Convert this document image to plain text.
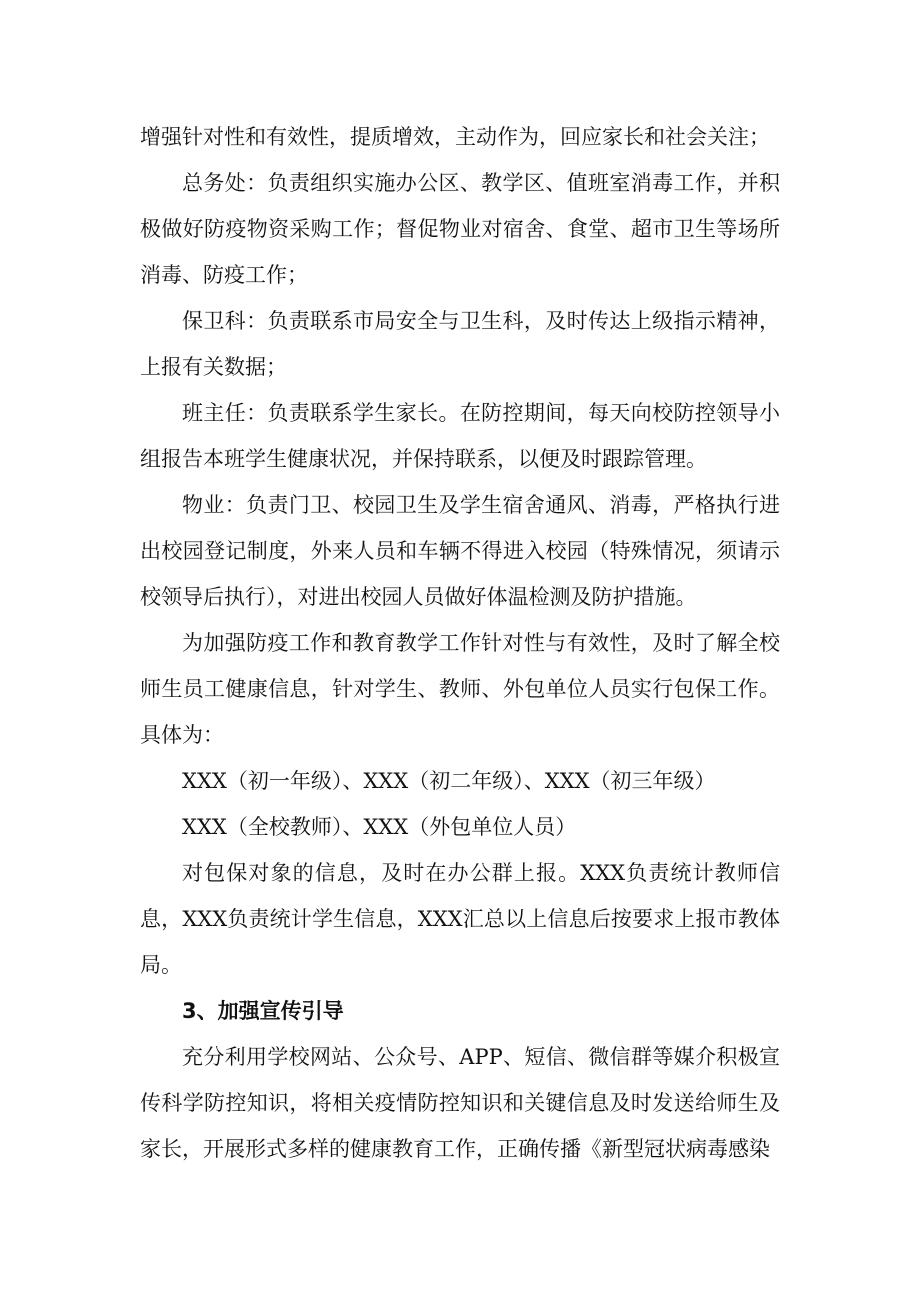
增强针对性和有效性，提质增效，主动作为，回应家长和社会关注；

总务处：负责组织实施办公区、教学区、值班室消毒工作，并积极做好防疫物资采购工作；督促物业对宿舍、食堂、超市卫生等场所消毒、防疫工作；

保卫科：负责联系市局安全与卫生科，及时传达上级指示精神，上报有关数据；

班主任：负责联系学生家长。在防控期间，每天向校防控领导小组报告本班学生健康状况，并保持联系，以便及时跟踪管理。

物业：负责门卫、校园卫生及学生宿舍通风、消毒，严格执行进出校园登记制度，外来人员和车辆不得进入校园（特殊情况，须请示校领导后执行），对进出校园人员做好体温检测及防护措施。

为加强防疫工作和教育教学工作针对性与有效性，及时了解全校师生员工健康信息，针对学生、教师、外包单位人员实行包保工作。具体为：

XXX（初一年级）、XXX（初二年级）、XXX（初三年级）

XXX（全校教师）、XXX（外包单位人员）

对包保对象的信息，及时在办公群上报。XXX负责统计教师信息，XXX负责统计学生信息，XXX汇总以上信息后按要求上报市教体局。

3、加强宣传引导

充分利用学校网站、公众号、APP、短信、微信群等媒介积极宣传科学防控知识，将相关疫情防控知识和关键信息及时发送给师生及家长，开展形式多样的健康教育工作，正确传播《新型冠状病毒感染
